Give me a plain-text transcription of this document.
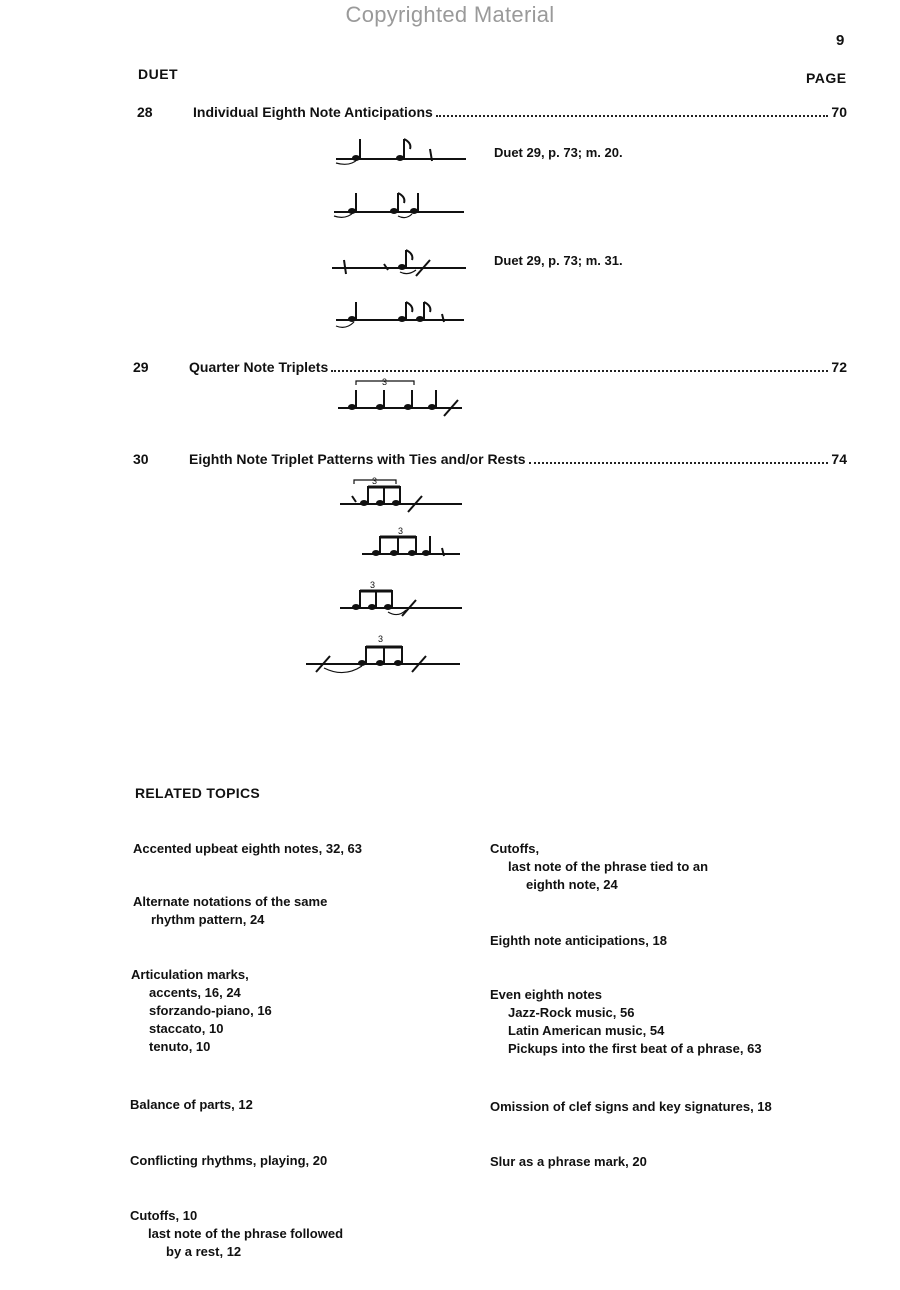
Copyrighted Material
9
DUET	PAGE
28	Individual Eighth Note Anticipations	70
Duet 29, p. 73; m. 20.
Duet 29, p. 73; m. 31.
29	Quarter Note Triplets	72
3
30	Eighth Note Triplet Patterns with Ties and/or Rests	74
3
3
3
3
RELATED TOPICS
Accented upbeat eighth notes, 32, 63
Alternate notations of the same
rhythm pattern, 24
Articulation marks,
accents, 16, 24
sforzando-piano, 16
staccato, 10
tenuto, 10
Balance of parts, 12
Conflicting rhythms, playing, 20
Cutoffs, 10
last note of the phrase followed
by a rest, 12
Cutoffs,
last note of the phrase tied to an
eighth note, 24
Eighth note anticipations, 18
Even eighth notes
Jazz-Rock music, 56
Latin American music, 54
Pickups into the first beat of a phrase, 63
Omission of clef signs and key signatures, 18
Slur as a phrase mark, 20
